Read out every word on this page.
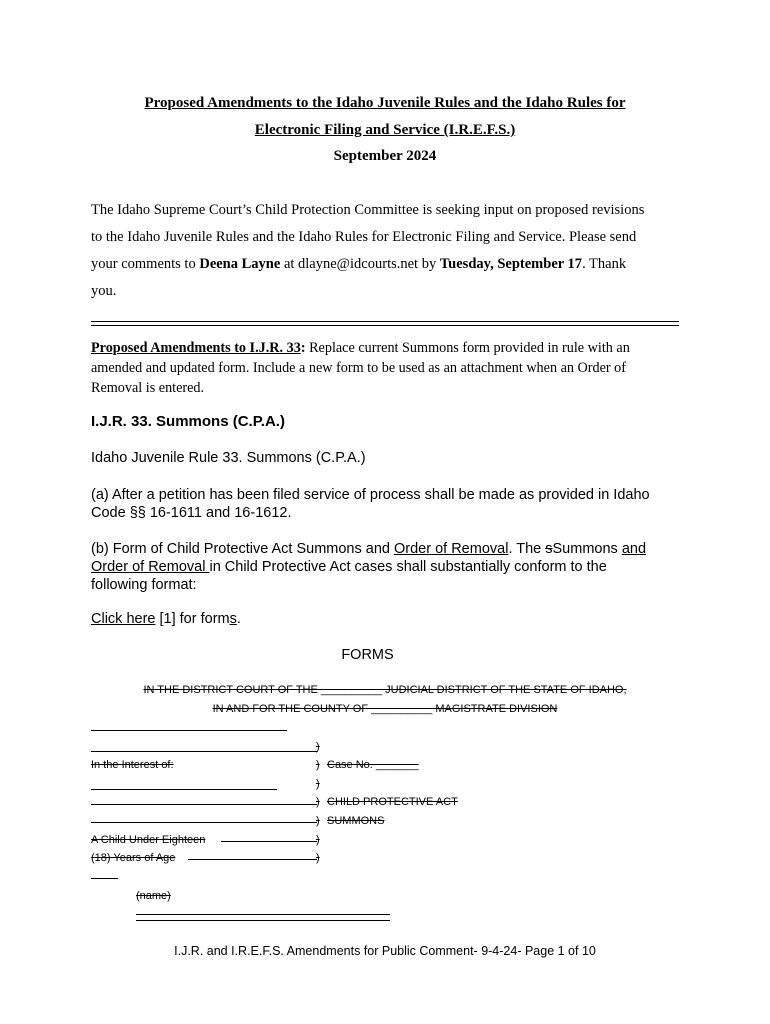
Proposed Amendments to the Idaho Juvenile Rules and the Idaho Rules for
Electronic Filing and Service (I.R.E.F.S.)
September 2024
The Idaho Supreme Court’s Child Protection Committee is seeking input on proposed revisions
to the Idaho Juvenile Rules and the Idaho Rules for Electronic Filing and Service. Please send
your comments to Deena Layne at dlayne@idcourts.net by Tuesday, September 17. Thank
you.
Proposed Amendments to I.J.R. 33: Replace current Summons form provided in rule with an
amended and updated form. Include a new form to be used as an attachment when an Order of
Removal is entered.
I.J.R. 33. Summons (C.P.A.)
Idaho Juvenile Rule 33. Summons (C.P.A.)
(a) After a petition has been filed service of process shall be made as provided in Idaho
Code §§ 16-1611 and 16-1612.
(b) Form of Child Protective Act Summons and Order of Removal. The sSummons and
Order of Removal in Child Protective Act cases shall substantially conform to the
following format:
Click here [1] for forms.
FORMS
IN THE DISTRICT COURT OF THE __________ JUDICIAL DISTRICT OF THE STATE OF IDAHO,
IN AND FOR THE COUNTY OF __________ MAGISTRATE DIVISION
)
In the Interest of:	) Case No. _______
)
) CHILD PROTECTIVE ACT
) SUMMONS
A Child Under Eighteen	)
(18) Years of Age	)
(name)
I.J.R. and I.R.E.F.S. Amendments for Public Comment- 9-4-24- Page 1 of 10
